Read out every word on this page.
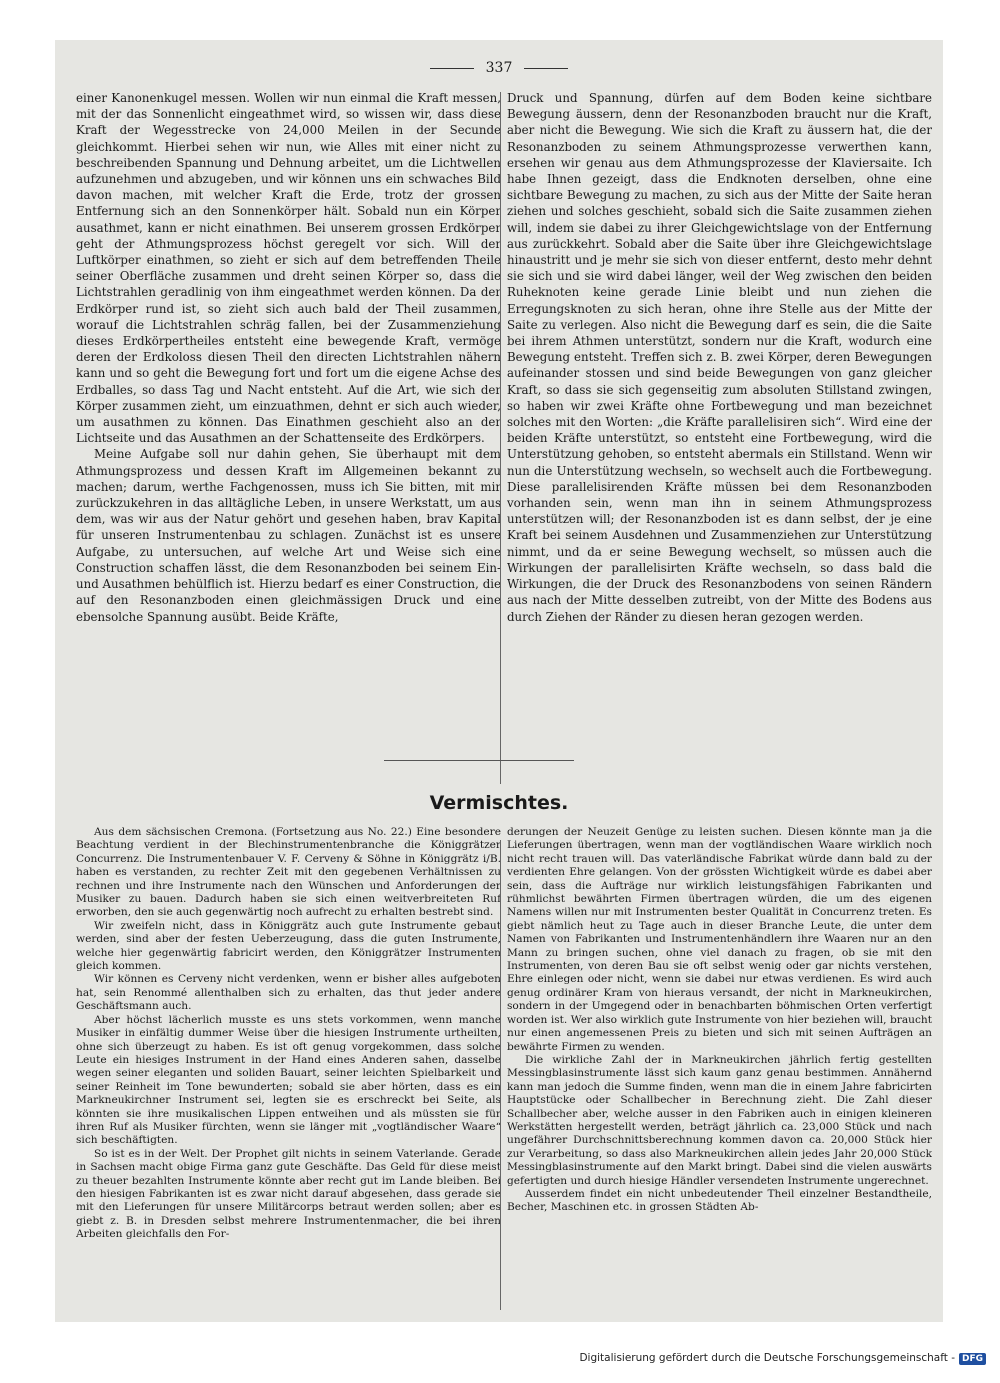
337

einer Kanonenkugel messen. Wollen wir nun einmal die Kraft messen, mit der das Sonnenlicht eingeathmet wird, so wissen wir, dass diese Kraft der Wegesstrecke von 24,000 Meilen in der Secunde gleichkommt. Hierbei sehen wir nun, wie Alles mit einer nicht zu beschreibenden Spannung und Dehnung arbeitet, um die Lichtwellen aufzunehmen und abzugeben, und wir können uns ein schwaches Bild davon machen, mit welcher Kraft die Erde, trotz der grossen Entfernung sich an den Sonnenkörper hält. Sobald nun ein Körper ausathmet, kann er nicht einathmen. Bei unserem grossen Erdkörper geht der Athmungsprozess höchst geregelt vor sich. Will der Luftkörper einathmen, so zieht er sich auf dem betreffenden Theile seiner Oberfläche zusammen und dreht seinen Körper so, dass die Lichtstrahlen geradlinig von ihm eingeathmet werden können. Da der Erdkörper rund ist, so zieht sich auch bald der Theil zusammen, worauf die Lichtstrahlen schräg fallen, bei der Zusammenziehung dieses Erdkörpertheiles entsteht eine bewegende Kraft, vermöge deren der Erdkoloss diesen Theil den directen Lichtstrahlen nähern kann und so geht die Bewegung fort und fort um die eigene Achse des Erdballes, so dass Tag und Nacht entsteht. Auf die Art, wie sich der Körper zusammen zieht, um einzuathmen, dehnt er sich auch wieder, um ausathmen zu können. Das Einathmen geschieht also an der Lichtseite und das Ausathmen an der Schattenseite des Erdkörpers.

Meine Aufgabe soll nur dahin gehen, Sie überhaupt mit dem Athmungsprozess und dessen Kraft im Allgemeinen bekannt zu machen; darum, werthe Fachgenossen, muss ich Sie bitten, mit mir zurückzukehren in das alltägliche Leben, in unsere Werkstatt, um aus dem, was wir aus der Natur gehört und gesehen haben, brav Kapital für unseren Instrumentenbau zu schlagen. Zunächst ist es unsere Aufgabe, zu untersuchen, auf welche Art und Weise sich eine Construction schaffen lässt, die dem Resonanzboden bei seinem Ein- und Ausathmen behülflich ist. Hierzu bedarf es einer Construction, die auf den Resonanzboden einen gleichmässigen Druck und eine ebensolche Spannung ausübt. Beide Kräfte,

Druck und Spannung, dürfen auf dem Boden keine sichtbare Bewegung äussern, denn der Resonanzboden braucht nur die Kraft, aber nicht die Bewegung. Wie sich die Kraft zu äussern hat, die der Resonanzboden zu seinem Athmungsprozesse verwerthen kann, ersehen wir genau aus dem Athmungsprozesse der Klaviersaite. Ich habe Ihnen gezeigt, dass die Endknoten derselben, ohne eine sichtbare Bewegung zu machen, zu sich aus der Mitte der Saite heran ziehen und solches geschieht, sobald sich die Saite zusammen ziehen will, indem sie dabei zu ihrer Gleichgewichtslage von der Entfernung aus zurückkehrt. Sobald aber die Saite über ihre Gleichgewichtslage hinaustritt und je mehr sie sich von dieser entfernt, desto mehr dehnt sie sich und sie wird dabei länger, weil der Weg zwischen den beiden Ruheknoten keine gerade Linie bleibt und nun ziehen die Erregungsknoten zu sich heran, ohne ihre Stelle aus der Mitte der Saite zu verlegen. Also nicht die Bewegung darf es sein, die die Saite bei ihrem Athmen unterstützt, sondern nur die Kraft, wodurch eine Bewegung entsteht. Treffen sich z. B. zwei Körper, deren Bewegungen aufeinander stossen und sind beide Bewegungen von ganz gleicher Kraft, so dass sie sich gegenseitig zum absoluten Stillstand zwingen, so haben wir zwei Kräfte ohne Fortbewegung und man bezeichnet solches mit den Worten: „die Kräfte parallelisiren sich“. Wird eine der beiden Kräfte unterstützt, so entsteht eine Fortbewegung, wird die Unterstützung gehoben, so entsteht abermals ein Stillstand. Wenn wir nun die Unterstützung wechseln, so wechselt auch die Fortbewegung. Diese parallelisirenden Kräfte müssen bei dem Resonanzboden vorhanden sein, wenn man ihn in seinem Athmungsprozess unterstützen will; der Resonanzboden ist es dann selbst, der je eine Kraft bei seinem Ausdehnen und Zusammenziehen zur Unterstützung nimmt, und da er seine Bewegung wechselt, so müssen auch die Wirkungen der parallelisirten Kräfte wechseln, so dass bald die Wirkungen, die der Druck des Resonanzbodens von seinen Rändern aus nach der Mitte desselben zutreibt, von der Mitte des Bodens aus durch Ziehen der Ränder zu diesen heran gezogen werden.

Vermischtes.

Aus dem sächsischen Cremona. (Fortsetzung aus No. 22.) Eine besondere Beachtung verdient in der Blechinstrumentenbranche die Königgrätzer Concurrenz. Die Instrumentenbauer V. F. Cerveny & Söhne in Königgrätz i/B. haben es verstanden, zu rechter Zeit mit den gegebenen Verhältnissen zu rechnen und ihre Instrumente nach den Wünschen und Anforderungen der Musiker zu bauen. Dadurch haben sie sich einen weitverbreiteten Ruf erworben, den sie auch gegenwärtig noch aufrecht zu erhalten bestrebt sind.

Wir zweifeln nicht, dass in Königgrätz auch gute Instrumente gebaut werden, sind aber der festen Ueberzeugung, dass die guten Instrumente, welche hier gegenwärtig fabricirt werden, den Königgrätzer Instrumenten gleich kommen.

Wir können es Cerveny nicht verdenken, wenn er bisher alles aufgeboten hat, sein Renommé allenthalben sich zu erhalten, das thut jeder andere Geschäftsmann auch.

Aber höchst lächerlich musste es uns stets vorkommen, wenn manche Musiker in einfältig dummer Weise über die hiesigen Instrumente urtheilten, ohne sich überzeugt zu haben. Es ist oft genug vorgekommen, dass solche Leute ein hiesiges Instrument in der Hand eines Anderen sahen, dasselbe wegen seiner eleganten und soliden Bauart, seiner leichten Spielbarkeit und seiner Reinheit im Tone bewunderten; sobald sie aber hörten, dass es ein Markneukirchner Instrument sei, legten sie es erschreckt bei Seite, als könnten sie ihre musikalischen Lippen entweihen und als müssten sie für ihren Ruf als Musiker fürchten, wenn sie länger mit „vogtländischer Waare“ sich beschäftigten.

So ist es in der Welt. Der Prophet gilt nichts in seinem Vaterlande. Gerade in Sachsen macht obige Firma ganz gute Geschäfte. Das Geld für diese meist zu theuer bezahlten Instrumente könnte aber recht gut im Lande bleiben. Bei den hiesigen Fabrikanten ist es zwar nicht darauf abgesehen, dass gerade sie mit den Lieferungen für unsere Militärcorps betraut werden sollen; aber es giebt z. B. in Dresden selbst mehrere Instrumentenmacher, die bei ihren Arbeiten gleichfalls den For-

derungen der Neuzeit Genüge zu leisten suchen. Diesen könnte man ja die Lieferungen übertragen, wenn man der vogtländischen Waare wirklich noch nicht recht trauen will. Das vaterländische Fabrikat würde dann bald zu der verdienten Ehre gelangen. Von der grössten Wichtigkeit würde es dabei aber sein, dass die Aufträge nur wirklich leistungsfähigen Fabrikanten und rühmlichst bewährten Firmen übertragen würden, die um des eigenen Namens willen nur mit Instrumenten bester Qualität in Concurrenz treten. Es giebt nämlich heut zu Tage auch in dieser Branche Leute, die unter dem Namen von Fabrikanten und Instrumentenhändlern ihre Waaren nur an den Mann zu bringen suchen, ohne viel danach zu fragen, ob sie mit den Instrumenten, von deren Bau sie oft selbst wenig oder gar nichts verstehen, Ehre einlegen oder nicht, wenn sie dabei nur etwas verdienen. Es wird auch genug ordinärer Kram von hieraus versandt, der nicht in Markneukirchen, sondern in der Umgegend oder in benachbarten böhmischen Orten verfertigt worden ist. Wer also wirklich gute Instrumente von hier beziehen will, braucht nur einen angemessenen Preis zu bieten und sich mit seinen Aufträgen an bewährte Firmen zu wenden.

Die wirkliche Zahl der in Markneukirchen jährlich fertig gestellten Messingblasinstrumente lässt sich kaum ganz genau bestimmen. Annähernd kann man jedoch die Summe finden, wenn man die in einem Jahre fabricirten Hauptstücke oder Schallbecher in Berechnung zieht. Die Zahl dieser Schallbecher aber, welche ausser in den Fabriken auch in einigen kleineren Werkstätten hergestellt werden, beträgt jährlich ca. 23,000 Stück und nach ungefährer Durchschnittsberechnung kommen davon ca. 20,000 Stück hier zur Verarbeitung, so dass also Markneukirchen allein jedes Jahr 20,000 Stück Messingblasinstrumente auf den Markt bringt. Dabei sind die vielen auswärts gefertigten und durch hiesige Händler versendeten Instrumente ungerechnet.

Ausserdem findet ein nicht unbedeutender Theil einzelner Bestandtheile, Becher, Maschinen etc. in grossen Städten Ab-

Digitalisierung gefördert durch die Deutsche Forschungsgemeinschaft - DFG
